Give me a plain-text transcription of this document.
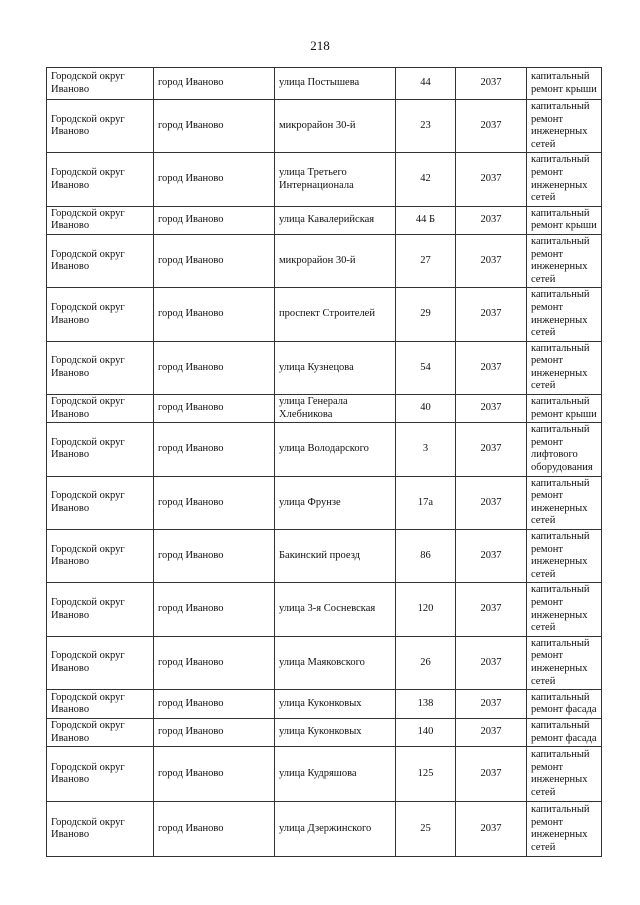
218
Городской округ Иваново	город Иваново	улица Постышева	44	2037	капитальный ремонт крыши
Городской округ Иваново	город Иваново	микрорайон 30-й	23	2037	капитальный ремонт инженерных сетей
Городской округ Иваново	город Иваново	улица Третьего Интернационала	42	2037	капитальный ремонт инженерных сетей
Городской округ Иваново	город Иваново	улица Кавалерийская	44 Б	2037	капитальный ремонт крыши
Городской округ Иваново	город Иваново	микрорайон 30-й	27	2037	капитальный ремонт инженерных сетей
Городской округ Иваново	город Иваново	проспект Строителей	29	2037	капитальный ремонт инженерных сетей
Городской округ Иваново	город Иваново	улица Кузнецова	54	2037	капитальный ремонт инженерных сетей
Городской округ Иваново	город Иваново	улица Генерала Хлебникова	40	2037	капитальный ремонт крыши
Городской округ Иваново	город Иваново	улица Володарского	3	2037	капитальный ремонт лифтового оборудования
Городской округ Иваново	город Иваново	улица Фрунзе	17а	2037	капитальный ремонт инженерных сетей
Городской округ Иваново	город Иваново	Бакинский проезд	86	2037	капитальный ремонт инженерных сетей
Городской округ Иваново	город Иваново	улица 3-я Сосневская	120	2037	капитальный ремонт инженерных сетей
Городской округ Иваново	город Иваново	улица Маяковского	26	2037	капитальный ремонт инженерных сетей
Городской округ Иваново	город Иваново	улица Куконковых	138	2037	капитальный ремонт фасада
Городской округ Иваново	город Иваново	улица Куконковых	140	2037	капитальный ремонт фасада
Городской округ Иваново	город Иваново	улица Кудряшова	125	2037	капитальный ремонт инженерных сетей
Городской округ Иваново	город Иваново	улица Дзержинского	25	2037	капитальный ремонт инженерных сетей
